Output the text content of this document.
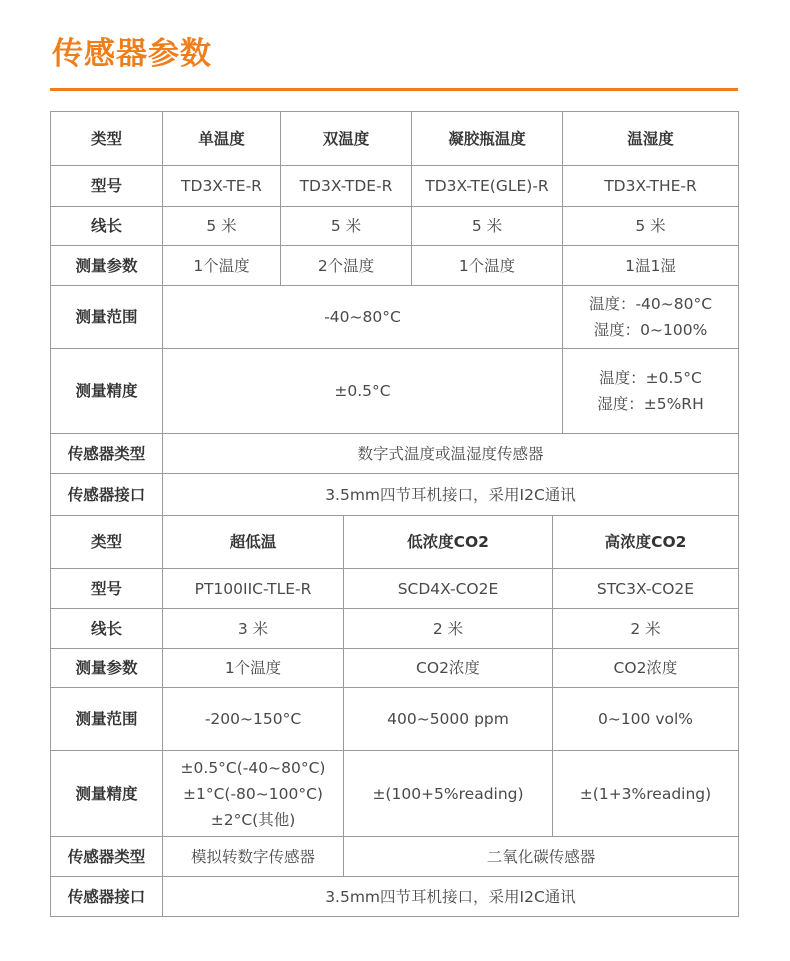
传感器参数
类型	单温度	双温度	凝胶瓶温度	温湿度
型号	TD3X-TE-R	TD3X-TDE-R	TD3X-TE(GLE)-R	TD3X-THE-R
线长	5 米	5 米	5 米	5 米
测量参数	1个温度	2个温度	1个温度	1温1湿
测量范围	-40~80°C			温度：-40~80°C
湿度：0~100%

测量精度	±0.5°C			温度：±0.5°C
湿度：±5%RH

传感器类型	数字式温度或温湿度传感器			
传感器接口	3.5mm四节耳机接口，采用I2C通讯			
类型	超低温	低浓度CO2	高浓度CO2
型号	PT100IIC-TLE-R	SCD4X-CO2E	STC3X-CO2E
线长	3 米	2 米	2 米
测量参数	1个温度	CO2浓度	CO2浓度
测量范围	-200~150°C	400~5000 ppm	0~100 vol%
测量精度	±0.5°C(-40~80°C)
±1°C(-80~100°C)
±2°C(其他)	±(100+5%reading)	±(1+3%reading)
传感器类型	模拟转数字传感器	二氧化碳传感器	
传感器接口	3.5mm四节耳机接口，采用I2C通讯		
